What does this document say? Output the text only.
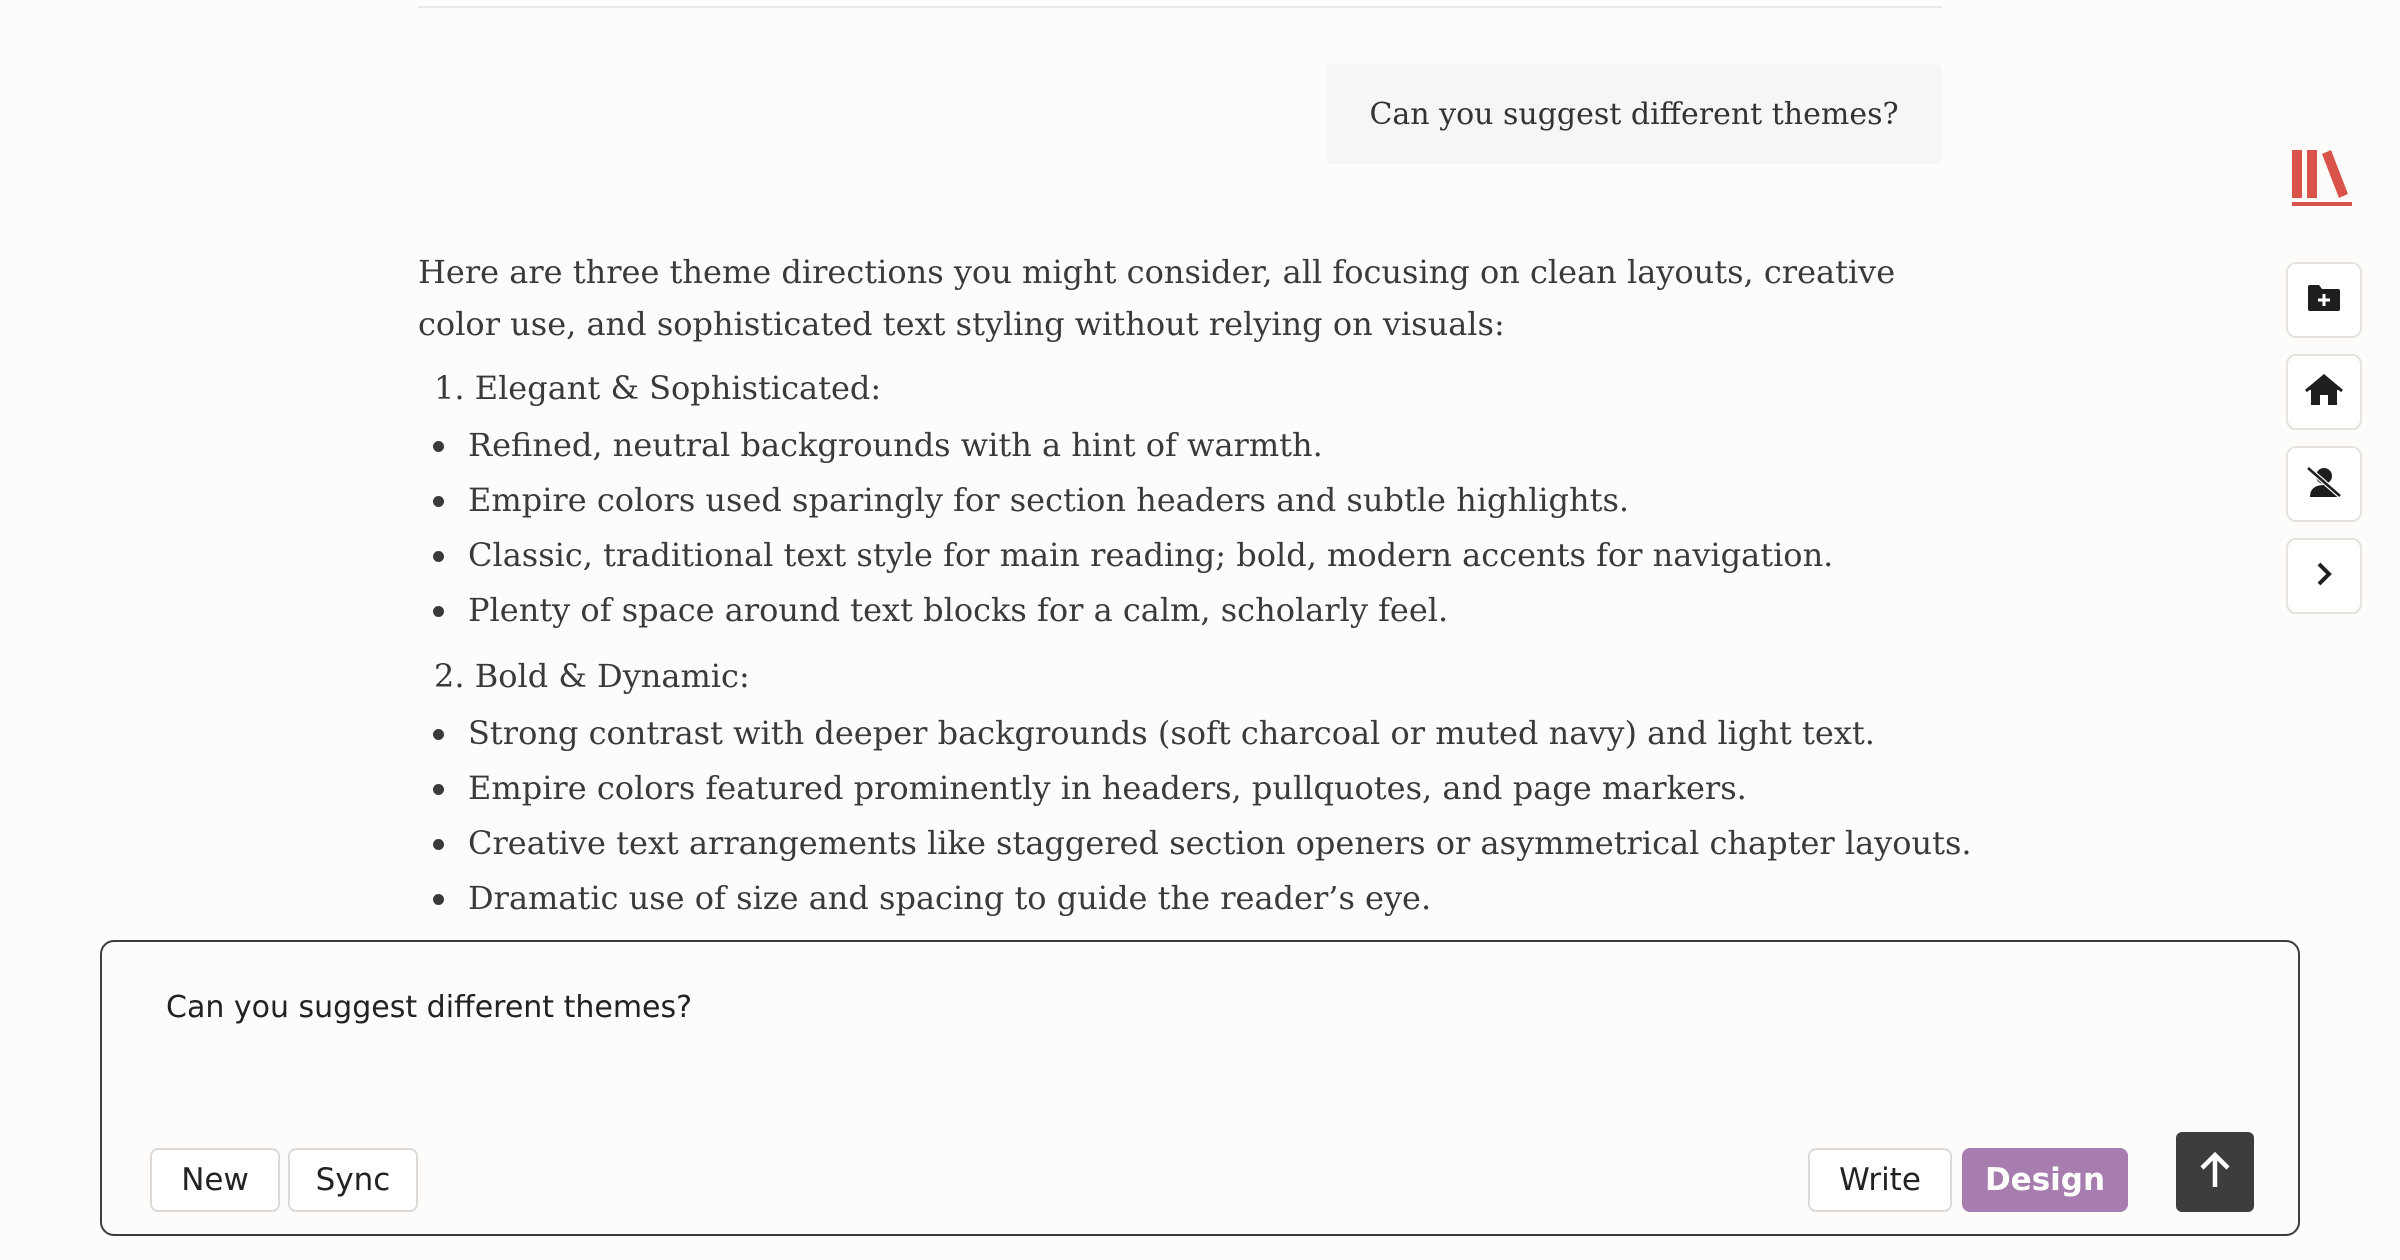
Can you suggest different themes?

Here are three theme directions you might consider, all focusing on clean layouts, creative color use, and sophisticated text styling without relying on visuals:

1. Elegant & Sophisticated:
Refined, neutral backgrounds with a hint of warmth.
Empire colors used sparingly for section headers and subtle highlights.
Classic, traditional text style for main reading; bold, modern accents for navigation.
Plenty of space around text blocks for a calm, scholarly feel.
2. Bold & Dynamic:
Strong contrast with deeper backgrounds (soft charcoal or muted navy) and light text.
Empire colors featured prominently in headers, pullquotes, and page markers.
Creative text arrangements like staggered section openers or asymmetrical chapter layouts.
Dramatic use of size and spacing to guide the reader’s eye.
Can you suggest different themes?
New Sync	Write Design
